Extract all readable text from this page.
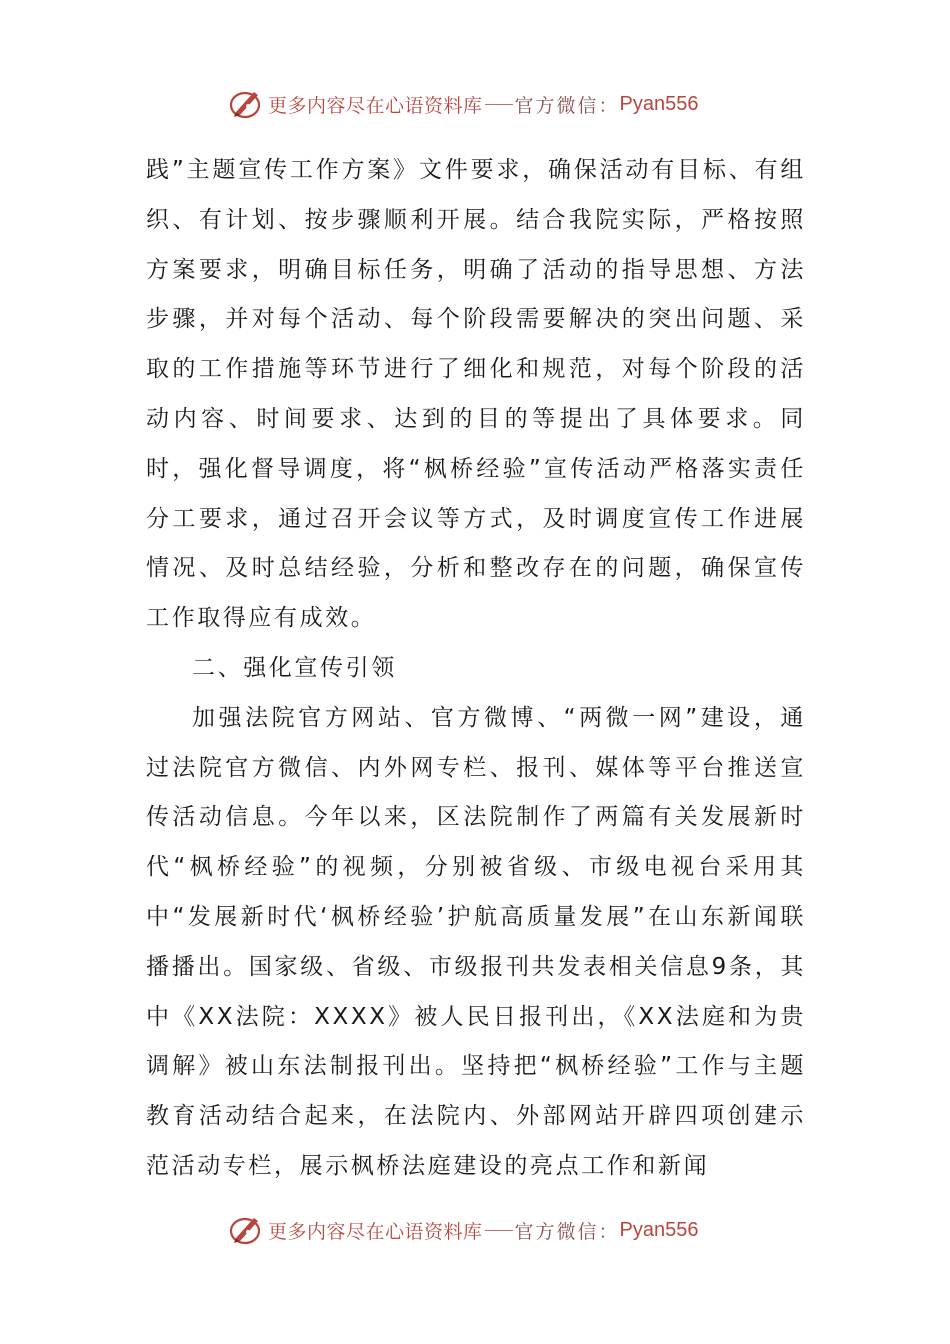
更多内容尽在心语资料库 官方微信： Pyan556

践”主题宣传工作方案》文件要求，确保活动有目标、有组织、有计划、按步骤顺利开展。结合我院实际，严格按照方案要求，明确目标任务，明确了活动的指导思想、方法步骤，并对每个活动、每个阶段需要解决的突出问题、采取的工作措施等环节进行了细化和规范，对每个阶段的活动内容、时间要求、达到的目的等提出了具体要求。同时，强化督导调度，将“枫桥经验”宣传活动严格落实责任分工要求，通过召开会议等方式，及时调度宣传工作进展情况、及时总结经验，分析和整改存在的问题，确保宣传工作取得应有成效。

二、强化宣传引领

加强法院官方网站、官方微博、“两微一网”建设，通过法院官方微信、内外网专栏、报刊、媒体等平台推送宣传活动信息。今年以来，区法院制作了两篇有关发展新时代“枫桥经验”的视频，分别被省级、市级电视台采用其中“发展新时代‘枫桥经验’护航高质量发展”在山东新闻联播播出。国家级、省级、市级报刊共发表相关信息9条，其中《XX法院：XXXX》被人民日报刊出，《XX法庭和为贵调解》被山东法制报刊出。坚持把“枫桥经验”工作与主题教育活动结合起来，在法院内、外部网站开辟四项创建示范活动专栏，展示枫桥法庭建设的亮点工作和新闻

更多内容尽在心语资料库 官方微信： Pyan556
